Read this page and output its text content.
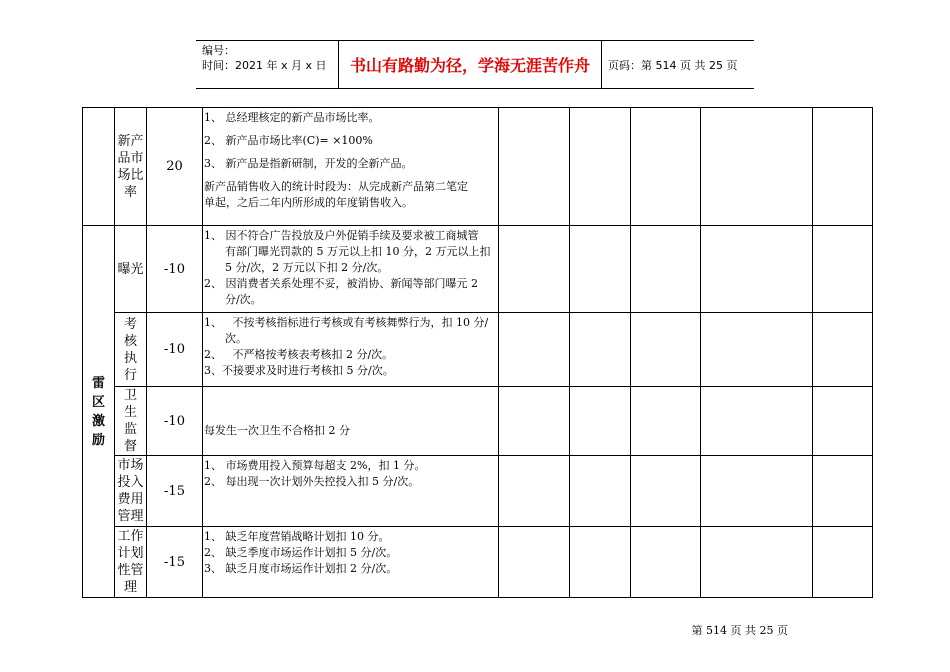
编号：
时间：2021 年 x 月 x 日	书山有路勤为径，学海无涯苦作舟	页码：第 514 页 共 25 页
	新产品市场比率	20	1、 总经理核定的新产品市场比率。
2、 新产品市场比率(C)= ×100%
3、 新产品是指新研制，开发的全新产品。
新产品销售收入的统计时段为：从完成新产品第二笔定
单起，之后二年内所形成的年度销售收入。					

雷区激励	曝光	-10	1、 因不符合广告投放及户外促销手续及要求被工商城管
有部门曝光罚款的 5 万元以上扣 10 分，2 万元以上扣
5 分/次，2 万元以下扣 2 分/次。
2、 因消费者关系处理不妥，被消协、新闻等部门曝元 2
分/次。					

	考核执行	-10	1、   不按考核指标进行考核或有考核舞弊行为，扣 10 分/
次。
2、   不严格按考核表考核扣 2 分/次。
3、不接要求及时进行考核扣 5 分/次。					

	卫生监督	-10	每发生一次卫生不合格扣 2 分					

	市场投入费用管理	-15	1、 市场费用投入预算每超支 2%，扣 1 分。
2、 每出现一次计划外失控投入扣 5 分/次。					

	工作计划性管理	-15	1、 缺乏年度营销战略计划扣 10 分。
2、 缺乏季度市场运作计划扣 5 分/次。
3、 缺乏月度市场运作计划扣 2 分/次。					

第 514 页 共 25 页
